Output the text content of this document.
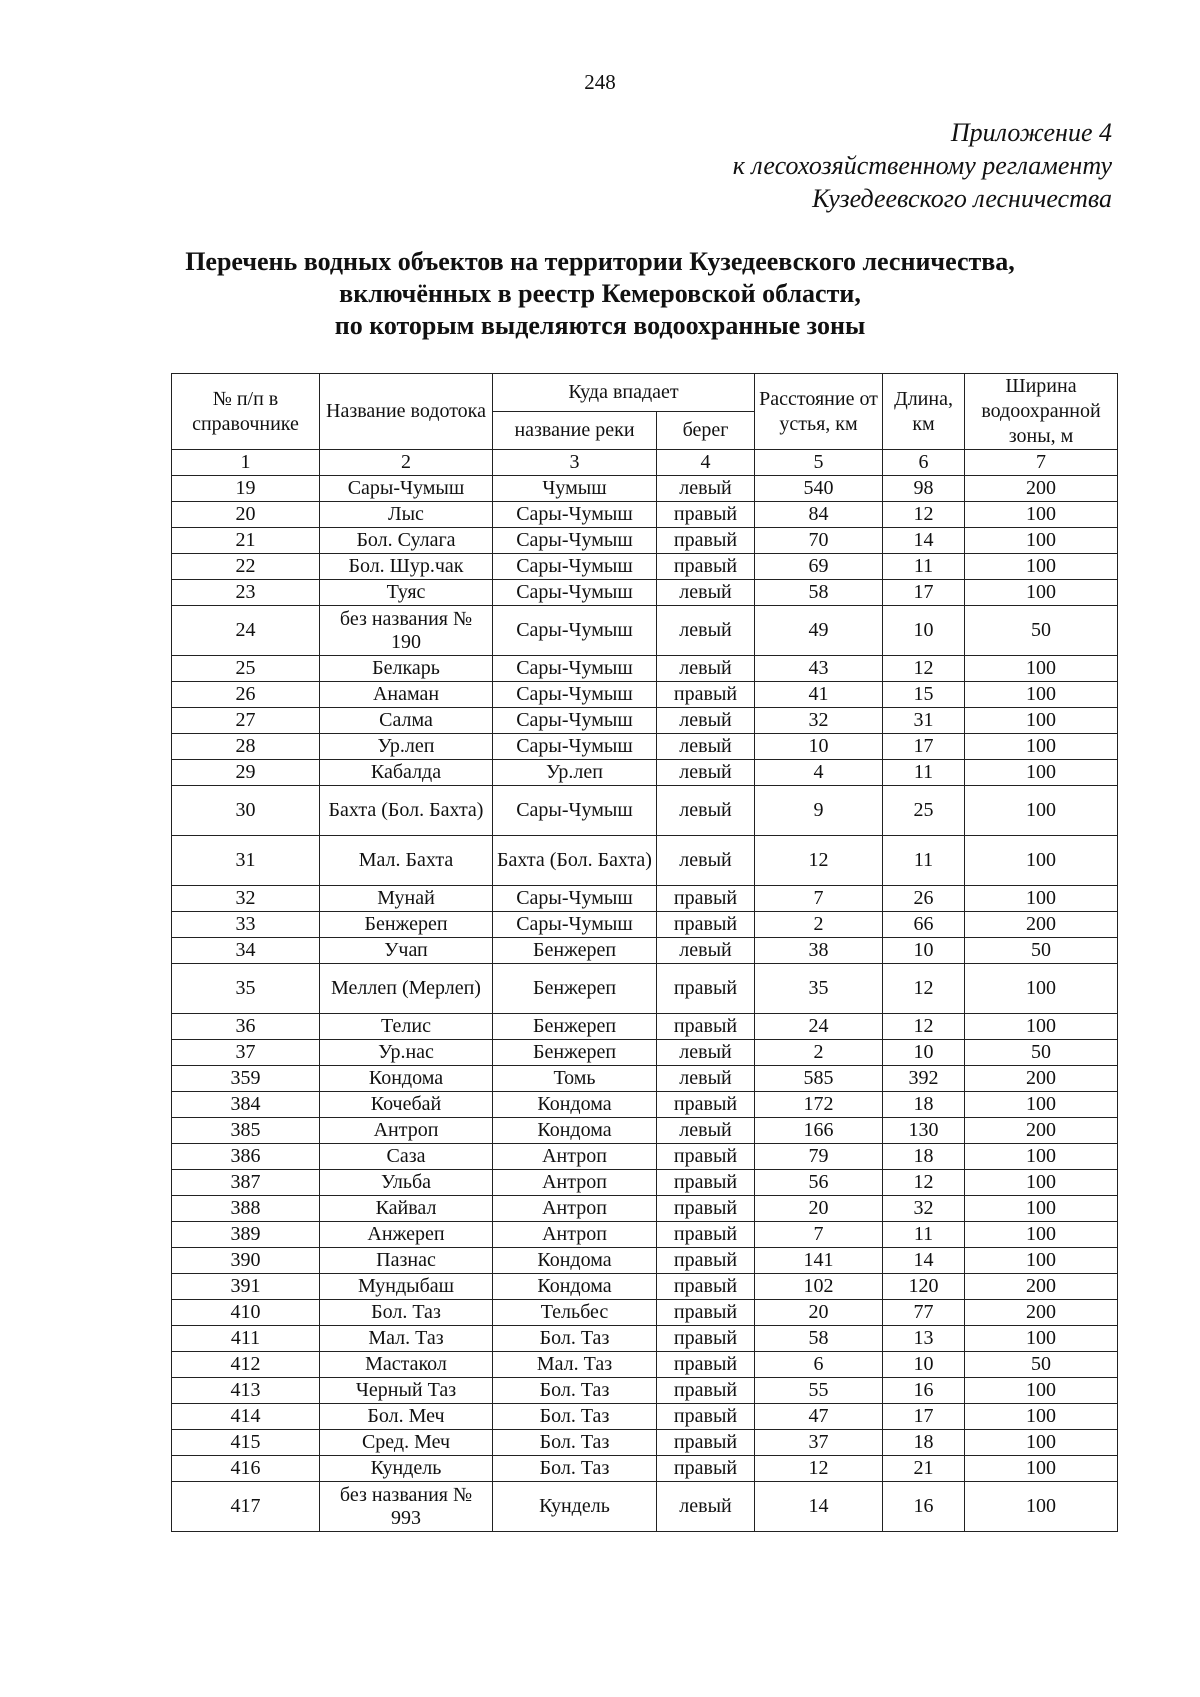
248
Приложение 4
к лесохозяйственному регламенту
Кузедеевского лесничества
Перечень водных объектов на территории Кузедеевского лесничества,
включённых в реестр Кемеровской области,
по которым выделяются водоохранные зоны
№ п/п в справочнике	Название водотока	Куда впадает		Расстояние от устья, км	Длина, км	Ширина водоохранной зоны, м
		название реки	берег			
1	2	3	4	5	6	7
19	Сары-Чумыш	Чумыш	левый	540	98	200
20	Лыс	Сары-Чумыш	правый	84	12	100
21	Бол. Сулага	Сары-Чумыш	правый	70	14	100
22	Бол. Шур.чак	Сары-Чумыш	правый	69	11	100
23	Туяс	Сары-Чумыш	левый	58	17	100
24	без названия № 190	Сары-Чумыш	левый	49	10	50
25	Белкарь	Сары-Чумыш	левый	43	12	100
26	Анаман	Сары-Чумыш	правый	41	15	100
27	Салма	Сары-Чумыш	левый	32	31	100
28	Ур.леп	Сары-Чумыш	левый	10	17	100
29	Кабалда	Ур.леп	левый	4	11	100
30	Бахта (Бол. Бахта)	Сары-Чумыш	левый	9	25	100
31	Мал. Бахта	Бахта (Бол. Бахта)	левый	12	11	100
32	Мунай	Сары-Чумыш	правый	7	26	100
33	Бенжереп	Сары-Чумыш	правый	2	66	200
34	Учап	Бенжереп	левый	38	10	50
35	Меллеп (Мерлеп)	Бенжереп	правый	35	12	100
36	Телис	Бенжереп	правый	24	12	100
37	Ур.нас	Бенжереп	левый	2	10	50
359	Кондома	Томь	левый	585	392	200
384	Кочебай	Кондома	правый	172	18	100
385	Антроп	Кондома	левый	166	130	200
386	Саза	Антроп	правый	79	18	100
387	Ульба	Антроп	правый	56	12	100
388	Кайвал	Антроп	правый	20	32	100
389	Анжереп	Антроп	правый	7	11	100
390	Пазнас	Кондома	правый	141	14	100
391	Мундыбаш	Кондома	правый	102	120	200
410	Бол. Таз	Тельбес	правый	20	77	200
411	Мал. Таз	Бол. Таз	правый	58	13	100
412	Мастакол	Мал. Таз	правый	6	10	50
413	Черный Таз	Бол. Таз	правый	55	16	100
414	Бол. Меч	Бол. Таз	правый	47	17	100
415	Сред. Меч	Бол. Таз	правый	37	18	100
416	Кундель	Бол. Таз	правый	12	21	100
417	без названия № 993	Кундель	левый	14	16	100
